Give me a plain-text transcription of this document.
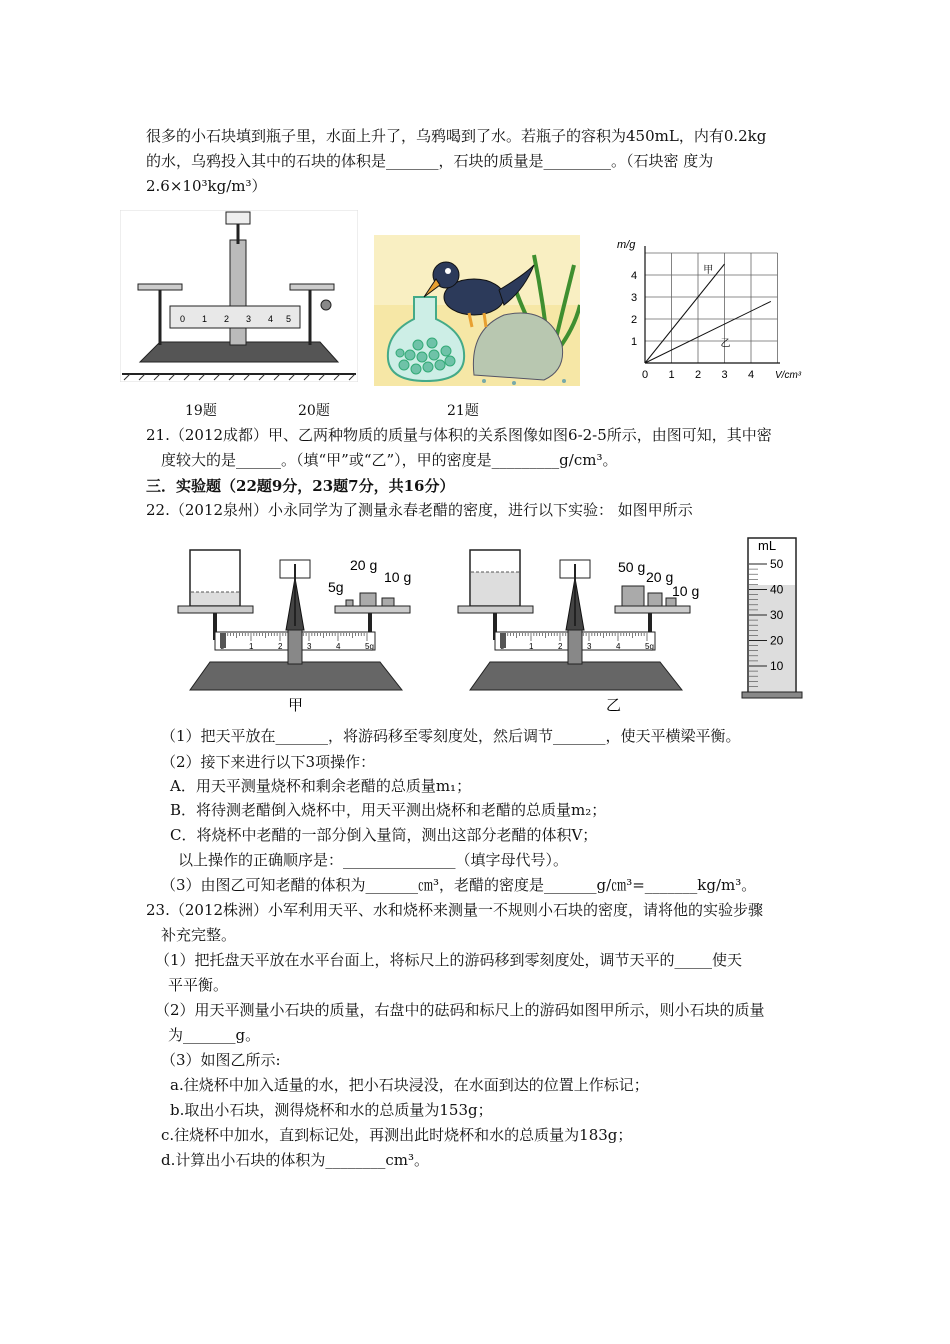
很多的小石块填到瓶子里，水面上升了，乌鸦喝到了水。若瓶子的容积为450mL，内有0.2kg
的水，乌鸦投入其中的石块的体积是_______，石块的质量是_________。（石块密 度为
2.6×10³kg/m³）
0 1 2 3 4 5
m/g
V/cm³
0 1 2 3 4
1
2
3
4	甲
乙
19题	20题	21题
21.（2012成都）甲、乙两种物质的质量与体积的关系图像如图6-2-5所示，由图可知，其中密
度较大的是______。（填“甲”或“乙”），甲的密度是_________g/cm³。
三．实验题（22题9分，23题7分，共16分）
22.（2012泉州）小永同学为了测量永春老醋的密度，进行以下实验： 如图甲所示
20 g
10 g
5g
1	2	3	4	5g
甲
50 g
20 g
10 g
1	2	3	4	5g
乙
mL
50
40
30
20
10
（1）把天平放在_______，将游码移至零刻度处，然后调节_______，使天平横梁平衡。
（2）接下来进行以下3项操作：
A．用天平测量烧杯和剩余老醋的总质量m₁；
B．将待测老醋倒入烧杯中，用天平测出烧杯和老醋的总质量m₂；
C．将烧杯中老醋的一部分倒入量筒，测出这部分老醋的体积V；
以上操作的正确顺序是：_______________（填字母代号）。
（3）由图乙可知老醋的体积为_______㎝³，老醋的密度是_______g/㎝³=_______kg/m³。
23.（2012株洲）小军利用天平、水和烧杯来测量一不规则小石块的密度，请将他的实验步骤
补充完整。
（1）把托盘天平放在水平台面上，将标尺上的游码移到零刻度处，调节天平的_____使天
平平衡。
（2）用天平测量小石块的质量，右盘中的砝码和标尺上的游码如图甲所示，则小石块的质量
为_______g。
（3）如图乙所示:
a.往烧杯中加入适量的水，把小石块浸没，在水面到达的位置上作标记；
b.取出小石块，测得烧杯和水的总质量为153g；
c.往烧杯中加水，直到标记处，再测出此时烧杯和水的总质量为183g；
d.计算出小石块的体积为________cm³。
